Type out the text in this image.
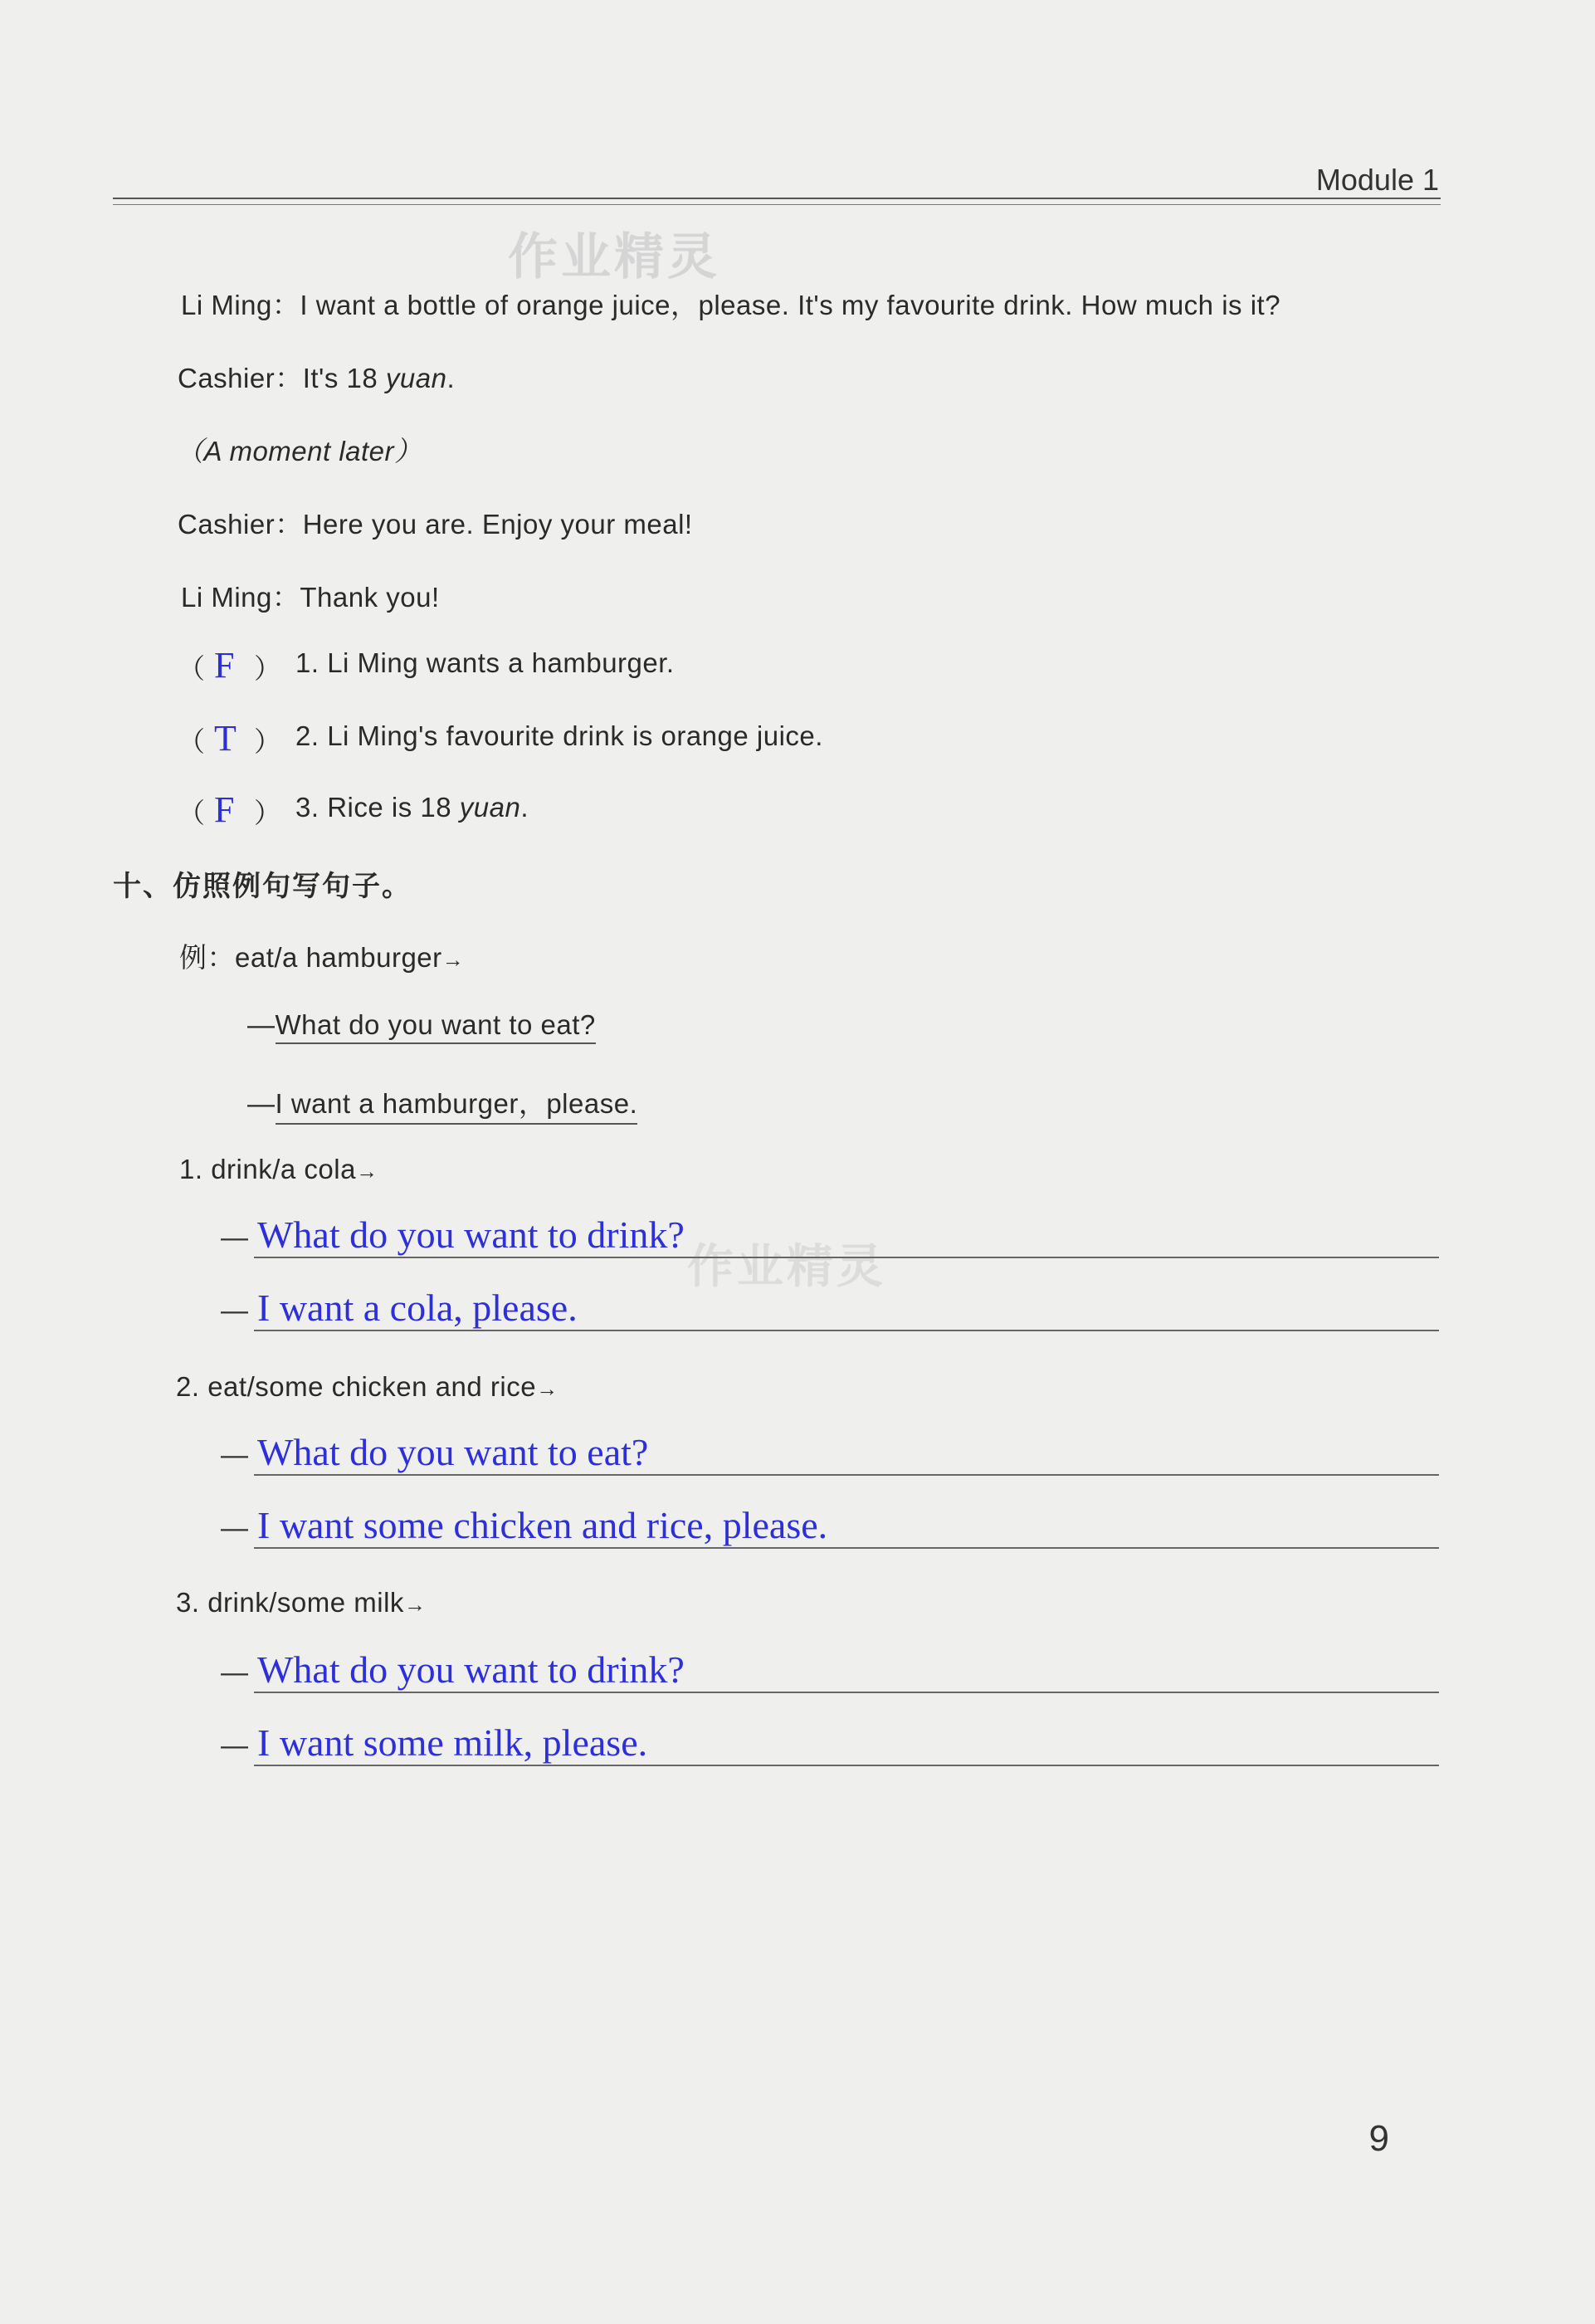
Module 1
作业精灵
作业精灵
Li Ming：I want a bottle of orange juice，please. It's my favourite drink. How much is it?
Cashier：It's 18 yuan.
（A moment later）
Cashier：Here you are. Enjoy your meal!
Li Ming：Thank you!
（ F ） 1. Li Ming wants a hamburger.
（ T ） 2. Li Ming's favourite drink is orange juice.
（ F ） 3. Rice is 18 yuan.
十、仿照例句写句子。
例：eat/a hamburger→
—What do you want to eat?
—I want a hamburger，please.
1. drink/a cola→
— What do you want to drink?
— I want a cola, please.
2. eat/some chicken and rice→
— What do you want to eat?
— I want some chicken and rice, please.
3. drink/some milk→
— What do you want to drink?
— I want some milk, please.
9
